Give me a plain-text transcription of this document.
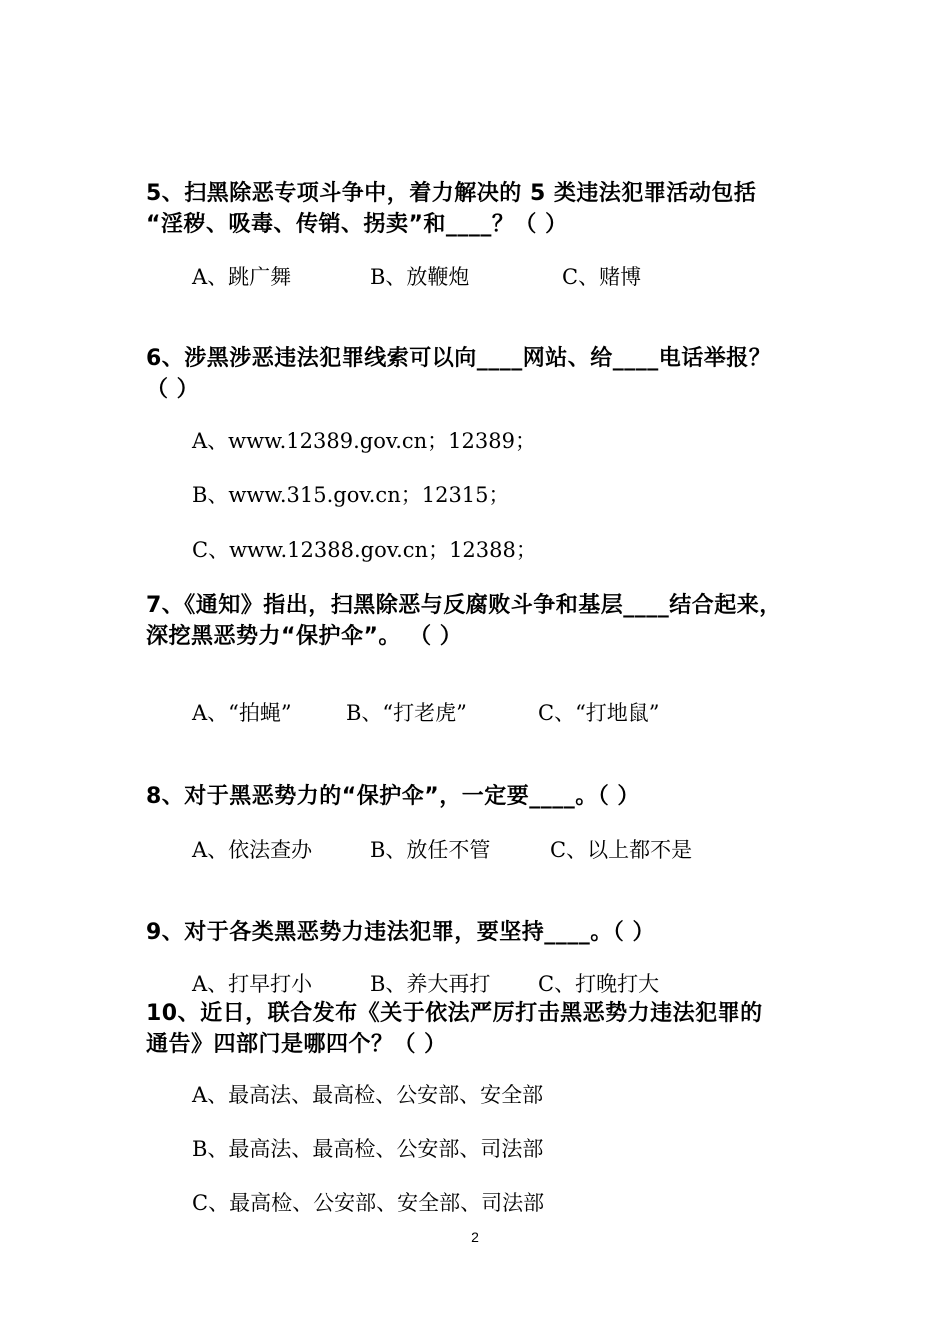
5、扫黑除恶专项斗争中，着力解决的 5 类违法犯罪活动包括
“淫秽、吸毒、传销、拐卖”和____？（ ）
A、跳广舞	B、放鞭炮	C、赌博
6、涉黑涉恶违法犯罪线索可以向____网站、给____电话举报？
（ ）
A、www.12389.gov.cn；12389；
B、www.315.gov.cn；12315；
C、www.12388.gov.cn；12388；
7、《通知》指出，扫黑除恶与反腐败斗争和基层____结合起来，
深挖黑恶势力“保护伞”。 （ ）
A、“拍蝇”	B、“打老虎”	C、“打地鼠”
8、对于黑恶势力的“保护伞”，一定要____。（ ）
A、依法查办	B、放任不管	C、以上都不是
9、对于各类黑恶势力违法犯罪，要坚持____。（ ）
A、打早打小	B、养大再打 C、打晚打大
10、近日，联合发布《关于依法严厉打击黑恶势力违法犯罪的
通告》四部门是哪四个？（ ）
A、最高法、最高检、公安部、安全部
B、最高法、最高检、公安部、司法部
C、最高检、公安部、安全部、司法部
2
